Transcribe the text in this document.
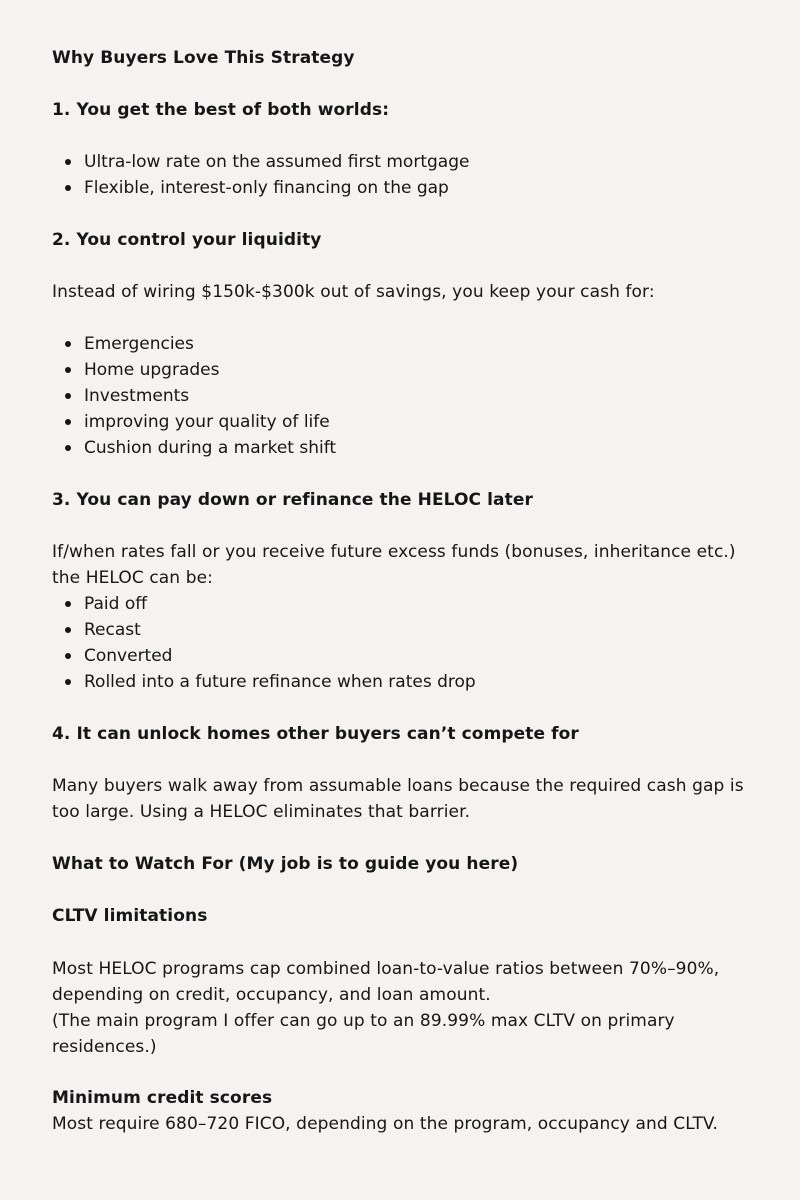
Why Buyers Love This Strategy

1. You get the best of both worlds:

Ultra-low rate on the assumed first mortgage

Flexible, interest-only financing on the gap

2. You control your liquidity

Instead of wiring $150k-$300k out of savings, you keep your cash for:

Emergencies

Home upgrades

Investments

improving your quality of life

Cushion during a market shift

3. You can pay down or refinance the HELOC later

If/when rates fall or you receive future excess funds (bonuses, inheritance etc.)

the HELOC can be:

Paid off

Recast

Converted

Rolled into a future refinance when rates drop

4. It can unlock homes other buyers can’t compete for

Many buyers walk away from assumable loans because the required cash gap is

too large. Using a HELOC eliminates that barrier.

What to Watch For (My job is to guide you here)

CLTV limitations

Most HELOC programs cap combined loan-to-value ratios between 70%–90%,

depending on credit, occupancy, and loan amount.

(The main program I offer can go up to an 89.99% max CLTV on primary

residences.)

Minimum credit scores

Most require 680–720 FICO, depending on the program, occupancy and CLTV.
